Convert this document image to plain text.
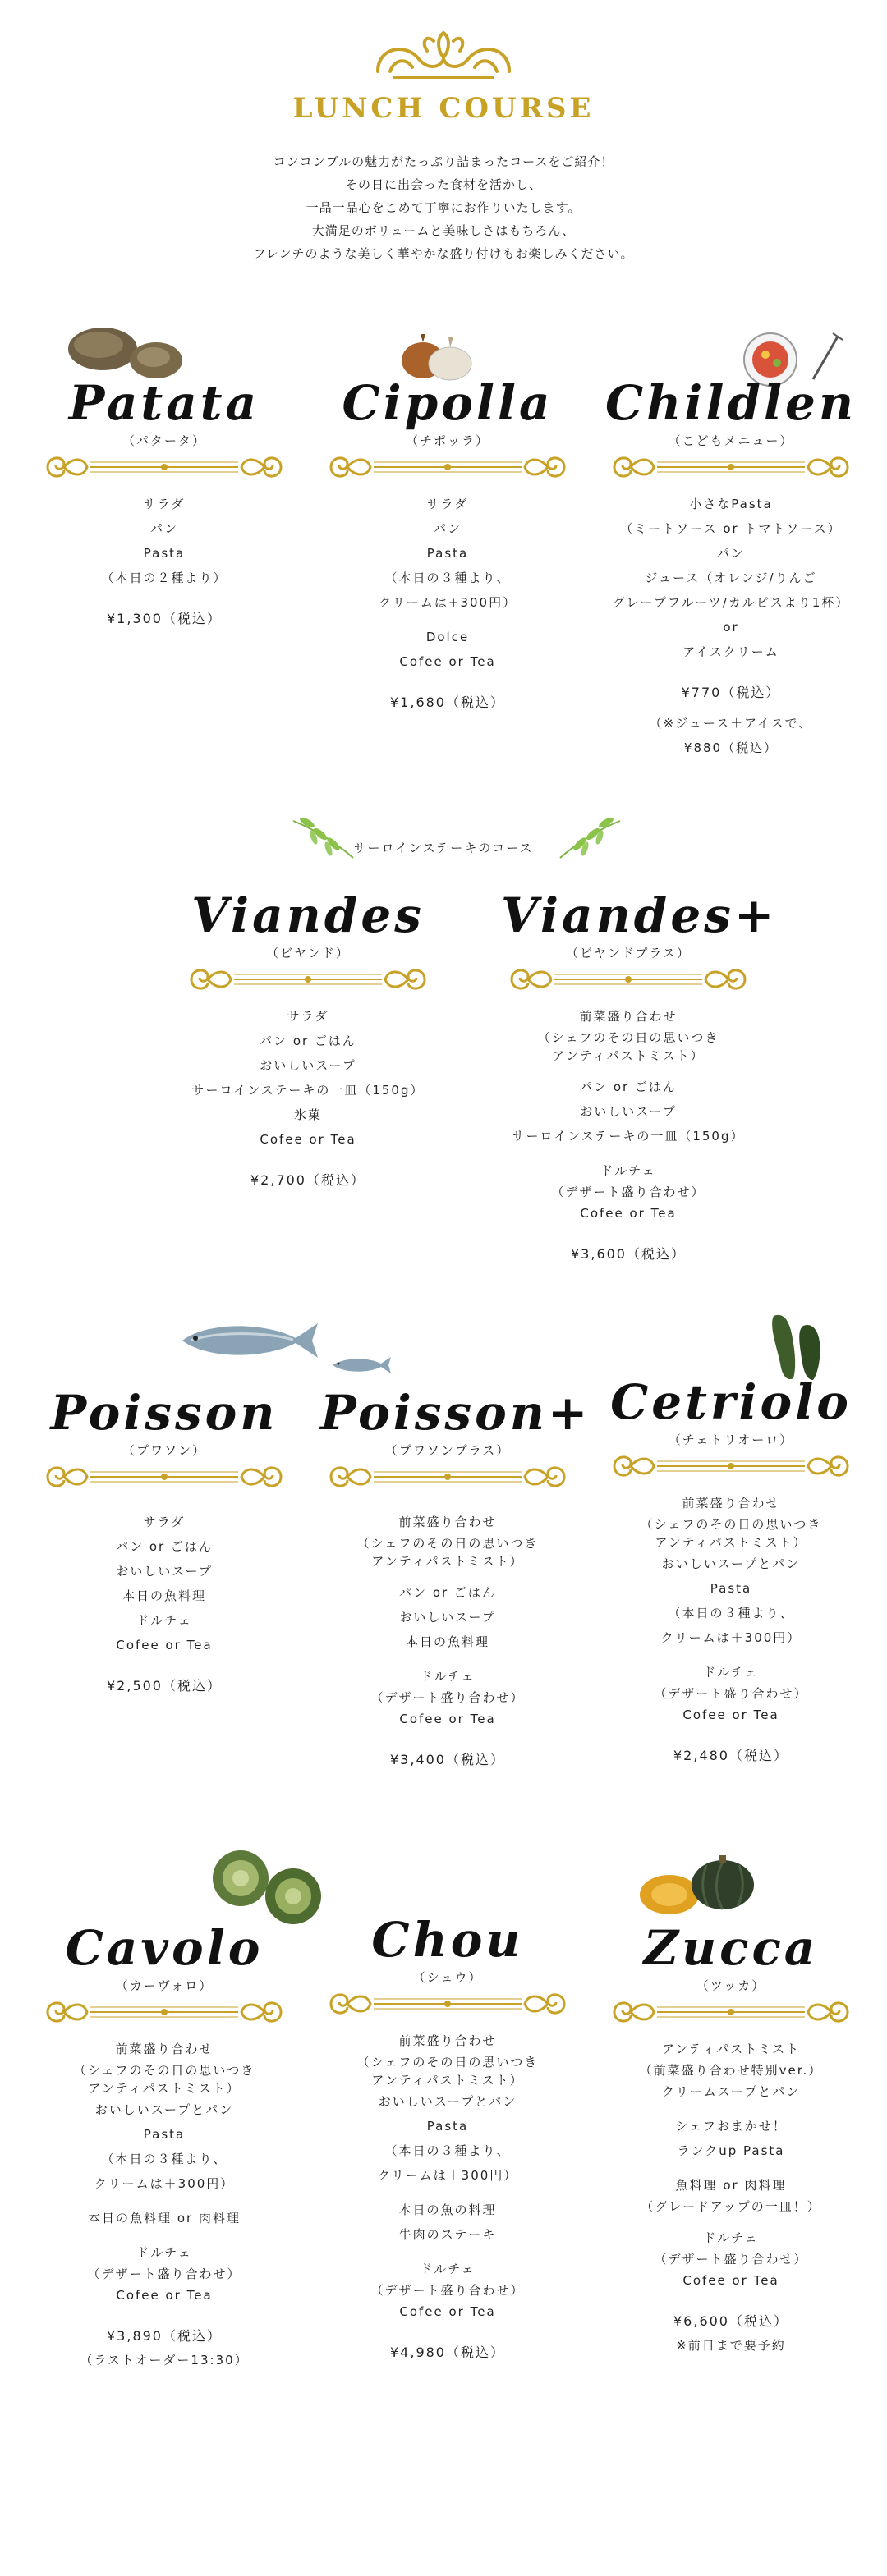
LUNCH COURSE
コンコンブルの魅力がたっぷり詰まったコースをご紹介！
その日に出会った食材を活かし、
一品一品心をこめて丁寧にお作りいたします。
大満足のボリュームと美味しさはもちろん、
フレンチのような美しく華やかな盛り付けもお楽しみください。
Patata
（パタータ）
サラダ
パン
Pasta
（本日の２種より）
¥1,300（税込）
Cipolla
（チポッラ）
サラダ
パン
Pasta
（本日の３種より、
クリームは+300円）
Dolce
Cofee or Tea
¥1,680（税込）
Childlen
（こどもメニュー）
小さなPasta
（ミートソース or トマトソース）
パン
ジュース（オレンジ/りんご
グレープフルーツ/カルピスより1杯）
or
アイスクリーム
¥770（税込）
（※ジュース＋アイスで、
¥880（税込）
サーロインステーキのコース
Viandes
（ビヤンド）
サラダ
パン or ごはん
おいしいスープ
サーロインステーキの一皿（150g）
氷菓
Cofee or Tea
¥2,700（税込）
Viandes+
（ビヤンドプラス）
前菜盛り合わせ
（シェフのその日の思いつき
アンティパストミスト）
パン or ごはん
おいしいスープ
サーロインステーキの一皿（150g）
ドルチェ
（デザート盛り合わせ）
Cofee or Tea
¥3,600（税込）
Poisson
（プワソン）
サラダ
パン or ごはん
おいしいスープ
本日の魚料理
ドルチェ
Cofee or Tea
¥2,500（税込）
Poisson+
（プワソンプラス）
前菜盛り合わせ
（シェフのその日の思いつき
アンティパストミスト）
パン or ごはん
おいしいスープ
本日の魚料理
ドルチェ
（デザート盛り合わせ）
Cofee or Tea
¥3,400（税込）
Cetriolo
（チェトリオーロ）
前菜盛り合わせ
（シェフのその日の思いつき
アンティパストミスト）
おいしいスープとパン
Pasta
（本日の３種より、
クリームは＋300円）
ドルチェ
（デザート盛り合わせ）
Cofee or Tea
¥2,480（税込）
Cavolo
（カーヴォロ）
前菜盛り合わせ
（シェフのその日の思いつき
アンティパストミスト）
おいしいスープとパン
Pasta
（本日の３種より、
クリームは＋300円）
本日の魚料理 or 肉料理
ドルチェ
（デザート盛り合わせ）
Cofee or Tea
¥3,890（税込）
（ラストオーダー13:30）
Chou
（シュウ）
前菜盛り合わせ
（シェフのその日の思いつき
アンティパストミスト）
おいしいスープとパン
Pasta
（本日の３種より、
クリームは＋300円）
本日の魚の料理
牛肉のステーキ
ドルチェ
（デザート盛り合わせ）
Cofee or Tea
¥4,980（税込）
Zucca
（ツッカ）
アンティパストミスト
（前菜盛り合わせ特別ver.）
クリームスープとパン
シェフおまかせ！
ランクup Pasta
魚料理 or 肉料理
（グレードアップの一皿！）
ドルチェ
（デザート盛り合わせ）
Cofee or Tea
¥6,600（税込）
※前日まで要予約
